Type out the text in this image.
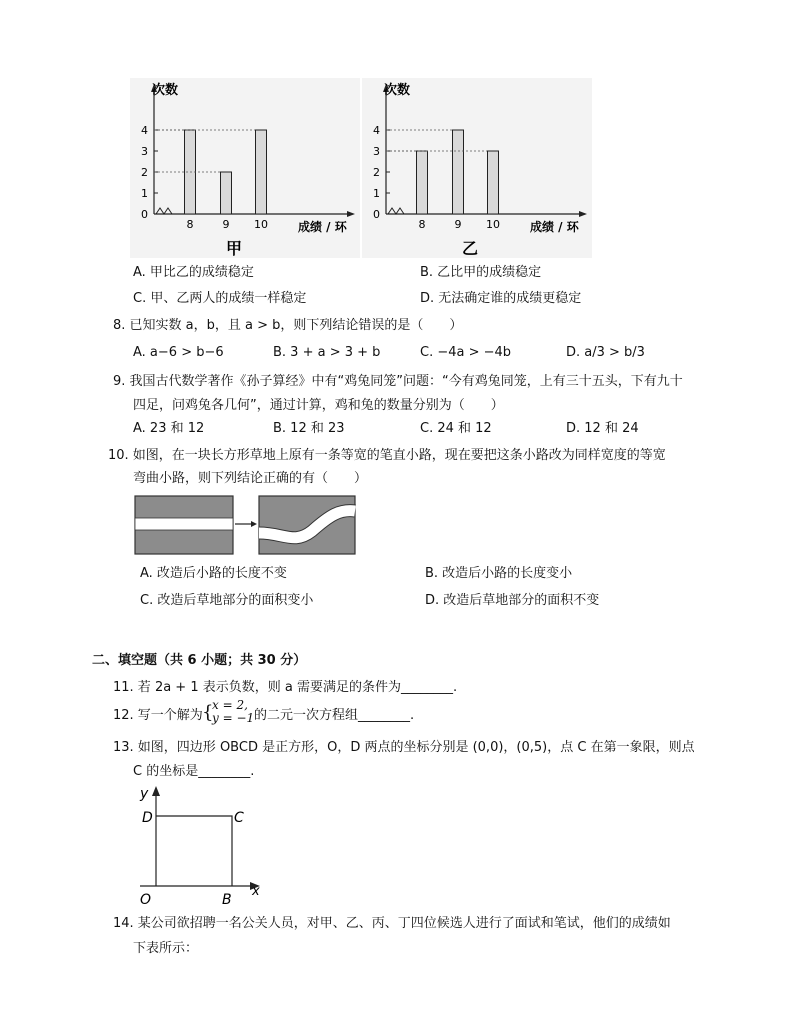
0
1
2
3
4
次数
成绩 / 环
甲
8	9 10
0
1
2
3
4
次数
成绩 / 环
乙
8	9 10
A. 甲比乙的成绩稳定	B. 乙比甲的成绩稳定
C. 甲、乙两人的成绩一样稳定	D. 无法确定谁的成绩更稳定
8. 已知实数 a，b，且 a > b，则下列结论错误的是（　　）
A. a−6 > b−6	B. 3 + a > 3 + b	C. −4a > −4b	D. a/3 > b/3
9. 我国古代数学著作《孙子算经》中有“鸡兔同笼”问题：“今有鸡兔同笼，上有三十五头，下有九十
四足，问鸡兔各几何”，通过计算，鸡和兔的数量分别为（　　）
A. 23 和 12	B. 12 和 23	C. 24 和 12	D. 12 和 24
10. 如图，在一块长方形草地上原有一条等宽的笔直小路，现在要把这条小路改为同样宽度的等宽
弯曲小路，则下列结论正确的有（　　）
A. 改造后小路的长度不变	B. 改造后小路的长度变小
C. 改造后草地部分的面积变小	D. 改造后草地部分的面积不变
二、填空题（共 6 小题；共 30 分）
11. 若 2a + 1 表示负数，则 a 需要满足的条件为________.
12. 写一个解为 {
x = 2,
y = −1 的二元一次方程组________.
13. 如图，四边形 OBCD 是正方形，O，D 两点的坐标分别是 (0,0)，(0,5)，点 C 在第一象限，则点
C 的坐标是________.
y
D	C
O	B
x
14. 某公司欲招聘一名公关人员，对甲、乙、丙、丁四位候选人进行了面试和笔试，他们的成绩如
下表所示：
